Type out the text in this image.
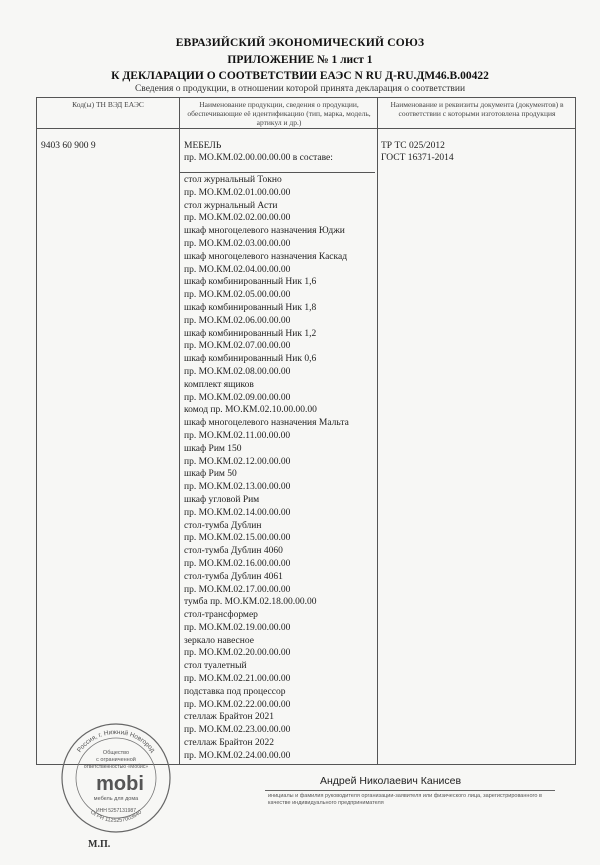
ЕВРАЗИЙСКИЙ ЭКОНОМИЧЕСКИЙ СОЮЗ
ПРИЛОЖЕНИЕ № 1 лист 1
К ДЕКЛАРАЦИИ О СООТВЕТСТВИИ ЕАЭС N RU Д-RU.ДМ46.B.00422
Сведения о продукции, в отношении которой принята декларация о соответствии
Код(ы) ТН ВЭД ЕАЭС	Наименование продукции, сведения о продукции, обеспечивающие её идентификацию (тип, марка, модель, артикул и др.)
Наименование и реквизиты документа (документов) в соответствии с которыми изготовлена продукция
9403 60 900 9	МЕБЕЛЬ
пр. МО.КМ.02.00.00.00.00 в составе:
ТР ТС 025/2012
ГОСТ 16371-2014
стол журнальный Токно
пр. МО.КМ.02.01.00.00.00
стол журнальный Асти
пр. МО.КМ.02.02.00.00.00
шкаф многоцелевого назначения Юджи
пр. МО.КМ.02.03.00.00.00
шкаф многоцелевого назначения Каскад
пр. МО.КМ.02.04.00.00.00
шкаф комбинированный Ник 1,6
пр. МО.КМ.02.05.00.00.00
шкаф комбинированный Ник 1,8
пр. МО.КМ.02.06.00.00.00
шкаф комбинированный Ник 1,2
пр. МО.КМ.02.07.00.00.00
шкаф комбинированный Ник 0,6
пр. МО.КМ.02.08.00.00.00
комплект ящиков
пр. МО.КМ.02.09.00.00.00
комод пр. МО.КМ.02.10.00.00.00
шкаф многоцелевого назначения Мальта
пр. МО.КМ.02.11.00.00.00
шкаф Рим 150
пр. МО.КМ.02.12.00.00.00
шкаф Рим 50
пр. МО.КМ.02.13.00.00.00
шкаф угловой Рим
пр. МО.КМ.02.14.00.00.00
стол-тумба Дублин
пр. МО.КМ.02.15.00.00.00
стол-тумба Дублин 4060
пр. МО.КМ.02.16.00.00.00
стол-тумба Дублин 4061
пр. МО.КМ.02.17.00.00.00
тумба пр. МО.КМ.02.18.00.00.00
стол-трансформер
пр. МО.КМ.02.19.00.00.00
зеркало навесное
пр. МО.КМ.02.20.00.00.00
стол туалетный
пр. МО.КМ.02.21.00.00.00
подставка под процессор
пр. МО.КМ.02.22.00.00.00
стеллаж Брайтон 2021
пр. МО.КМ.02.23.00.00.00
стеллаж Брайтон 2022
пр. МО.КМ.02.24.00.00.00
Россия, г. Нижний Новгород
ОГРН 1125257003840
Общество
с ограниченной
ответственностью «Мобис»
mobi
мебель для дома
ИНН 5257131987
М.П.
Андрей Николаевич Канисев
инициалы и фамилия руководителя организации-заявителя или физического лица, зарегистрированного в качестве индивидуального предпринимателя
